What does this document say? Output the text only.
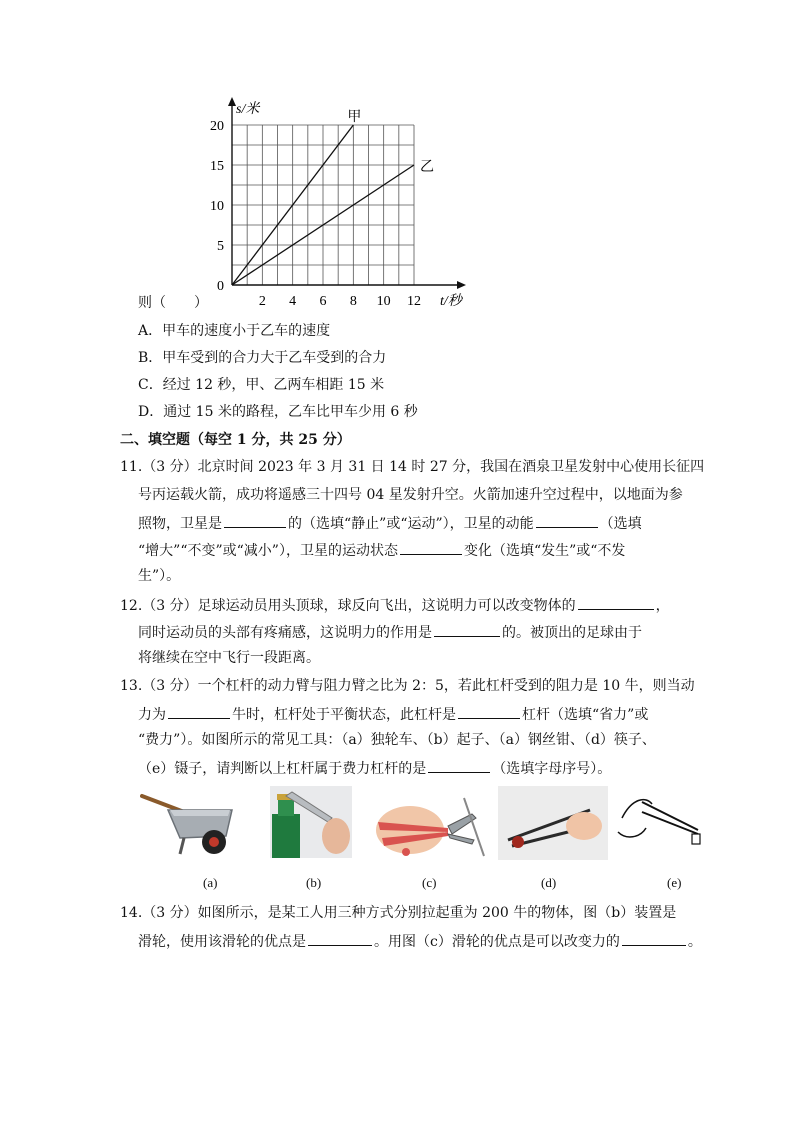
0
5
10
15
20
2 4 6 8 10 12
s/米
t/秒
甲
乙
则（　　）
A．甲车的速度小于乙车的速度
B．甲车受到的合力大于乙车受到的合力
C．经过 12 秒，甲、乙两车相距 15 米
D．通过 15 米的路程，乙车比甲车少用 6 秒
二、填空题（每空 1 分，共 25 分）
11.（3 分）北京时间 2023 年 3 月 31 日 14 时 27 分，我国在酒泉卫星发射中心使用长征四
号丙运载火箭，成功将遥感三十四号 04 星发射升空。火箭加速升空过程中，以地面为参
照物，卫星是	的（选填“静止”或“运动”），卫星的动能	（选填
“增大”“不变”或“减小”），卫星的运动状态	变化（选填“发生”或“不发
生”）。
12.（3 分）足球运动员用头顶球，球反向飞出，这说明力可以改变物体的	，
同时运动员的头部有疼痛感，这说明力的作用是	的。被顶出的足球由于
将继续在空中飞行一段距离。
13.（3 分）一个杠杆的动力臂与阻力臂之比为 2：5，若此杠杆受到的阻力是 10 牛，则当动
力为	牛时，杠杆处于平衡状态，此杠杆是	杠杆（选填“省力”或
“费力”）。如图所示的常见工具：（a）独轮车、（b）起子、（a）钢丝钳、（d）筷子、
（e）镊子，请判断以上杠杆属于费力杠杆的是	（选填字母序号）。
(a)	(b)	(c)	(d)	(e)
14.（3 分）如图所示，是某工人用三种方式分别拉起重为 200 牛的物体，图（b）装置是
滑轮，使用该滑轮的优点是	。用图（c）滑轮的优点是可以改变力的	。
